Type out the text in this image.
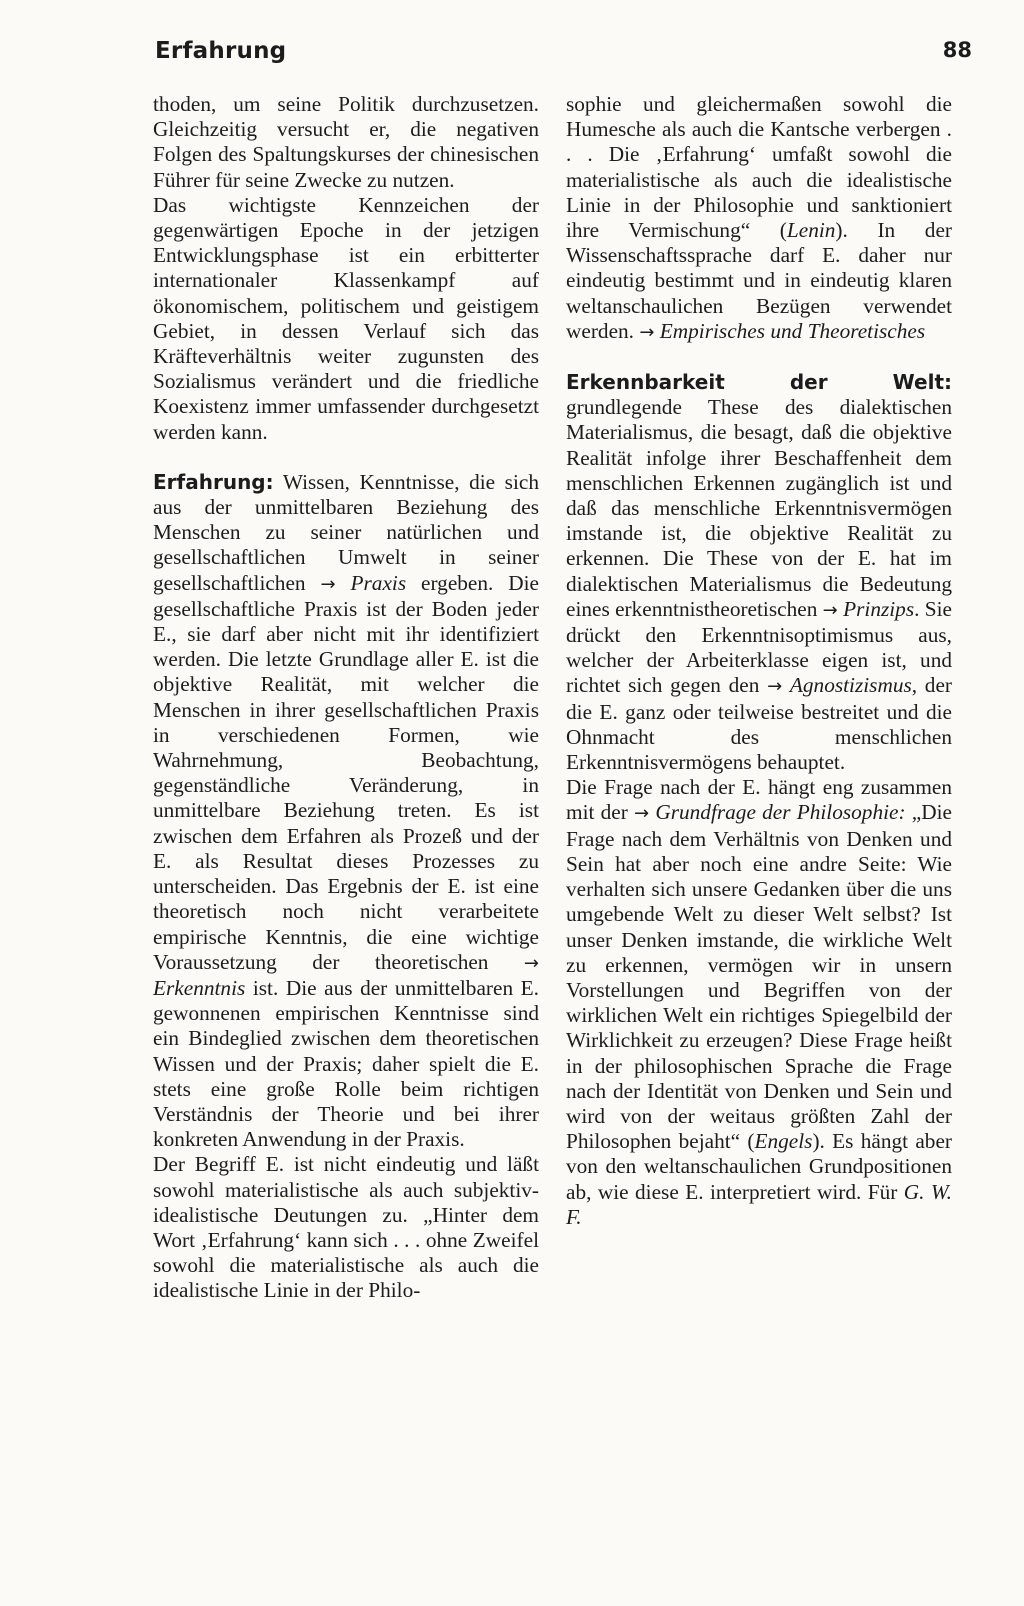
Erfahrung	88

thoden, um seine Politik durchzusetzen. Gleichzeitig versucht er, die negativen Folgen des Spaltungskurses der chinesischen Führer für seine Zwecke zu nutzen.

Das wichtigste Kennzeichen der gegenwärtigen Epoche in der jetzigen Entwicklungsphase ist ein erbitterter internationaler Klassenkampf auf ökonomischem, politischem und geistigem Gebiet, in dessen Verlauf sich das Kräfteverhältnis weiter zugunsten des Sozialismus verändert und die friedliche Koexistenz immer umfassender durchgesetzt werden kann.

Erfahrung: Wissen, Kenntnisse, die sich aus der unmittelbaren Beziehung des Menschen zu seiner natürlichen und gesellschaftlichen Umwelt in seiner gesellschaftlichen → Praxis ergeben. Die gesellschaftliche Praxis ist der Boden jeder E., sie darf aber nicht mit ihr identifiziert werden. Die letzte Grundlage aller E. ist die objektive Realität, mit welcher die Menschen in ihrer gesellschaftlichen Praxis in verschiedenen Formen, wie Wahrnehmung, Beobachtung, gegenständliche Veränderung, in unmittelbare Beziehung treten. Es ist zwischen dem Erfahren als Prozeß und der E. als Resultat dieses Prozesses zu unterscheiden. Das Ergebnis der E. ist eine theoretisch noch nicht verarbeitete empirische Kenntnis, die eine wichtige Voraussetzung der theoretischen → Erkenntnis ist. Die aus der unmittelbaren E. gewonnenen empirischen Kenntnisse sind ein Bindeglied zwischen dem theoretischen Wissen und der Praxis; daher spielt die E. stets eine große Rolle beim richtigen Verständnis der Theorie und bei ihrer konkreten Anwendung in der Praxis.

Der Begriff E. ist nicht eindeutig und läßt sowohl materialistische als auch subjektiv-idealistische Deutungen zu. „Hinter dem Wort ‚Erfahrung‘ kann sich . . . ohne Zweifel sowohl die materialistische als auch die idealistische Linie in der Philo-

sophie und gleichermaßen sowohl die Humesche als auch die Kantsche verbergen . . . Die ‚Erfahrung‘ umfaßt sowohl die materialistische als auch die idealistische Linie in der Philosophie und sanktioniert ihre Vermischung“ (Lenin). In der Wissenschaftssprache darf E. daher nur eindeutig bestimmt und in eindeutig klaren weltanschaulichen Bezügen verwendet werden. → Empirisches und Theoretisches

Erkennbarkeit der Welt: grundlegende These des dialektischen Materialismus, die besagt, daß die objektive Realität infolge ihrer Beschaffenheit dem menschlichen Erkennen zugänglich ist und daß das menschliche Erkenntnisvermögen imstande ist, die objektive Realität zu erkennen. Die These von der E. hat im dialektischen Materialismus die Bedeutung eines erkenntnistheoretischen → Prinzips. Sie drückt den Erkenntnisoptimismus aus, welcher der Arbeiterklasse eigen ist, und richtet sich gegen den → Agnostizismus, der die E. ganz oder teilweise bestreitet und die Ohnmacht des menschlichen Erkenntnisvermögens behauptet.

Die Frage nach der E. hängt eng zusammen mit der → Grundfrage der Philosophie: „Die Frage nach dem Verhältnis von Denken und Sein hat aber noch eine andre Seite: Wie verhalten sich unsere Gedanken über die uns umgebende Welt zu dieser Welt selbst? Ist unser Denken imstande, die wirkliche Welt zu erkennen, vermögen wir in unsern Vorstellungen und Begriffen von der wirklichen Welt ein richtiges Spiegelbild der Wirklichkeit zu erzeugen? Diese Frage heißt in der philosophischen Sprache die Frage nach der Identität von Denken und Sein und wird von der weitaus größten Zahl der Philosophen bejaht“ (Engels). Es hängt aber von den weltanschaulichen Grundpositionen ab, wie diese E. interpretiert wird. Für G. W. F.
